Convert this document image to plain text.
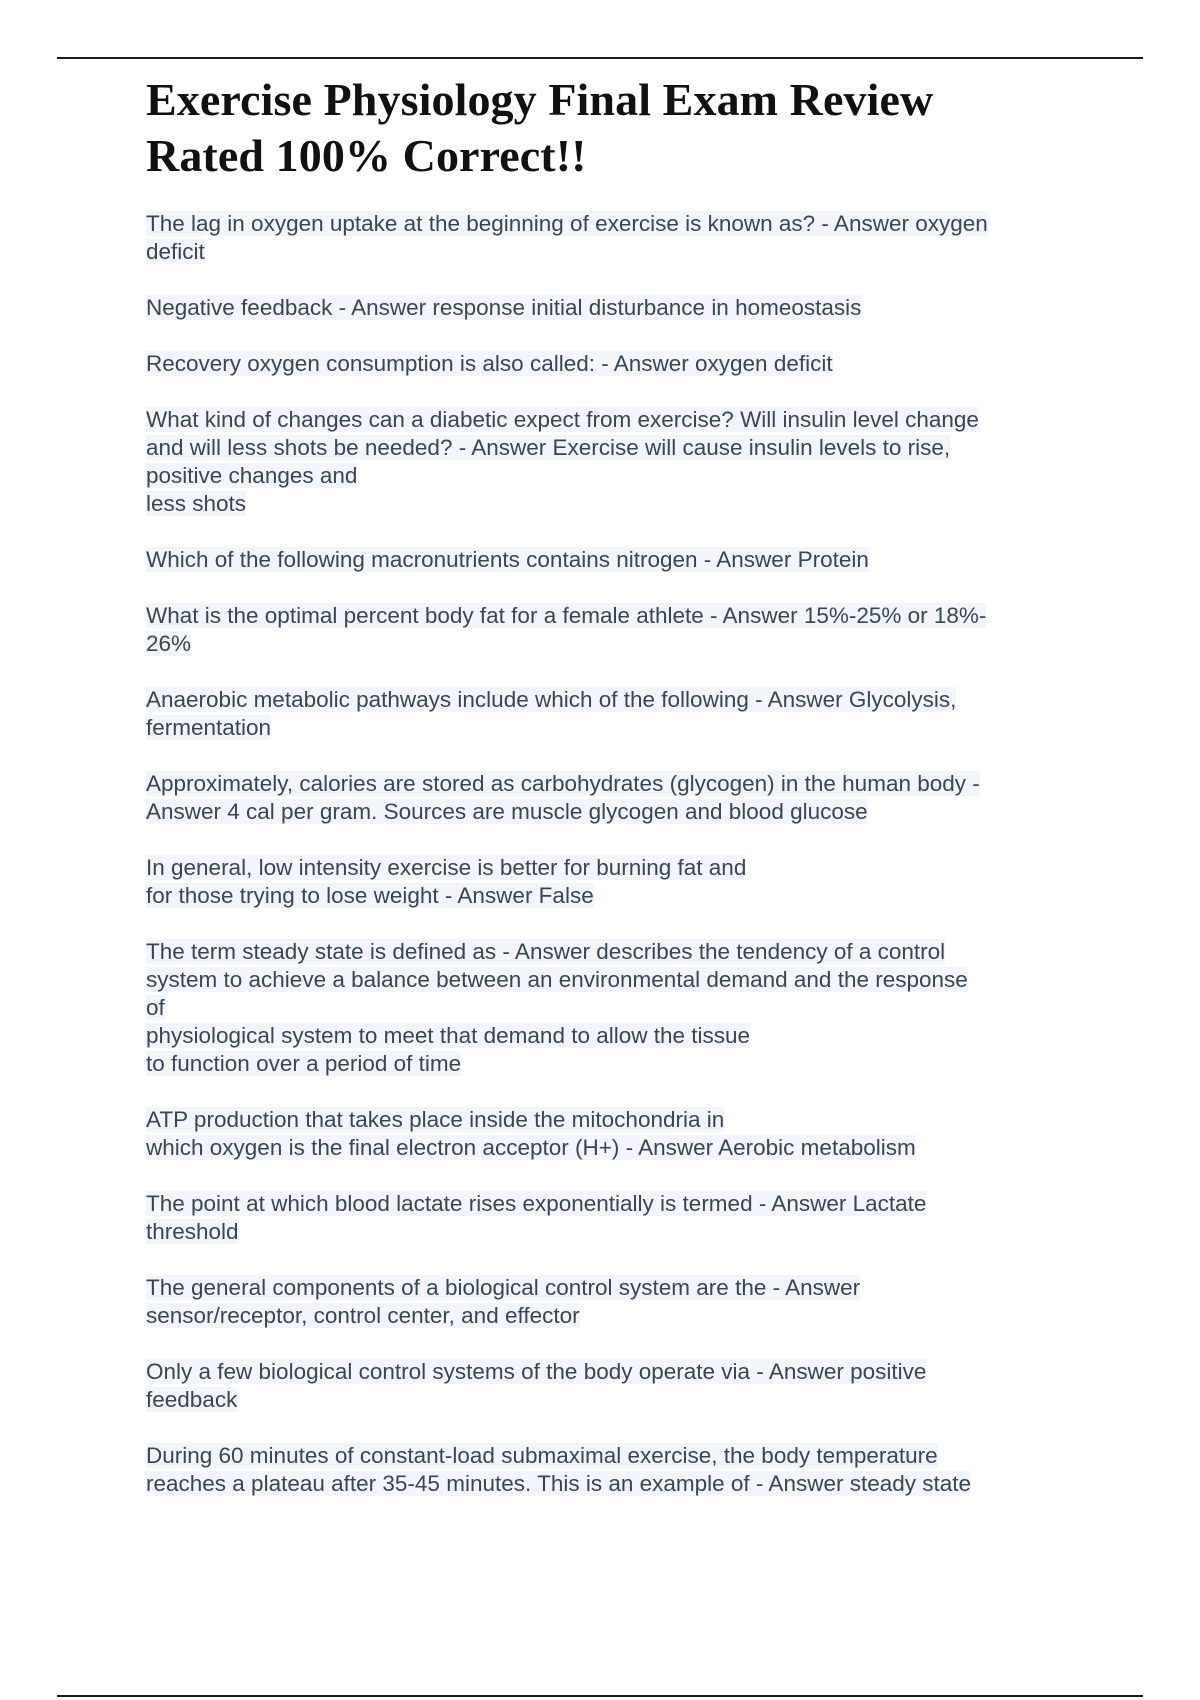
Exercise Physiology Final Exam Review
Rated 100% Correct!!
The lag in oxygen uptake at the beginning of exercise is known as? - Answer oxygen
deficit
Negative feedback - Answer response initial disturbance in homeostasis
Recovery oxygen consumption is also called: - Answer oxygen deficit
What kind of changes can a diabetic expect from exercise? Will insulin level change
and will less shots be needed? - Answer Exercise will cause insulin levels to rise,
positive changes and
less shots
Which of the following macronutrients contains nitrogen - Answer Protein
What is the optimal percent body fat for a female athlete - Answer 15%-25% or 18%-
26%
Anaerobic metabolic pathways include which of the following - Answer Glycolysis,
fermentation
Approximately, calories are stored as carbohydrates (glycogen) in the human body -
Answer 4 cal per gram. Sources are muscle glycogen and blood glucose
In general, low intensity exercise is better for burning fat and
for those trying to lose weight - Answer False
The term steady state is defined as - Answer describes the tendency of a control
system to achieve a balance between an environmental demand and the response
of
physiological system to meet that demand to allow the tissue
to function over a period of time
ATP production that takes place inside the mitochondria in
which oxygen is the final electron acceptor (H+) - Answer Aerobic metabolism
The point at which blood lactate rises exponentially is termed - Answer Lactate
threshold
The general components of a biological control system are the - Answer
sensor/receptor, control center, and effector
Only a few biological control systems of the body operate via - Answer positive
feedback
During 60 minutes of constant-load submaximal exercise, the body temperature
reaches a plateau after 35-45 minutes. This is an example of - Answer steady state
